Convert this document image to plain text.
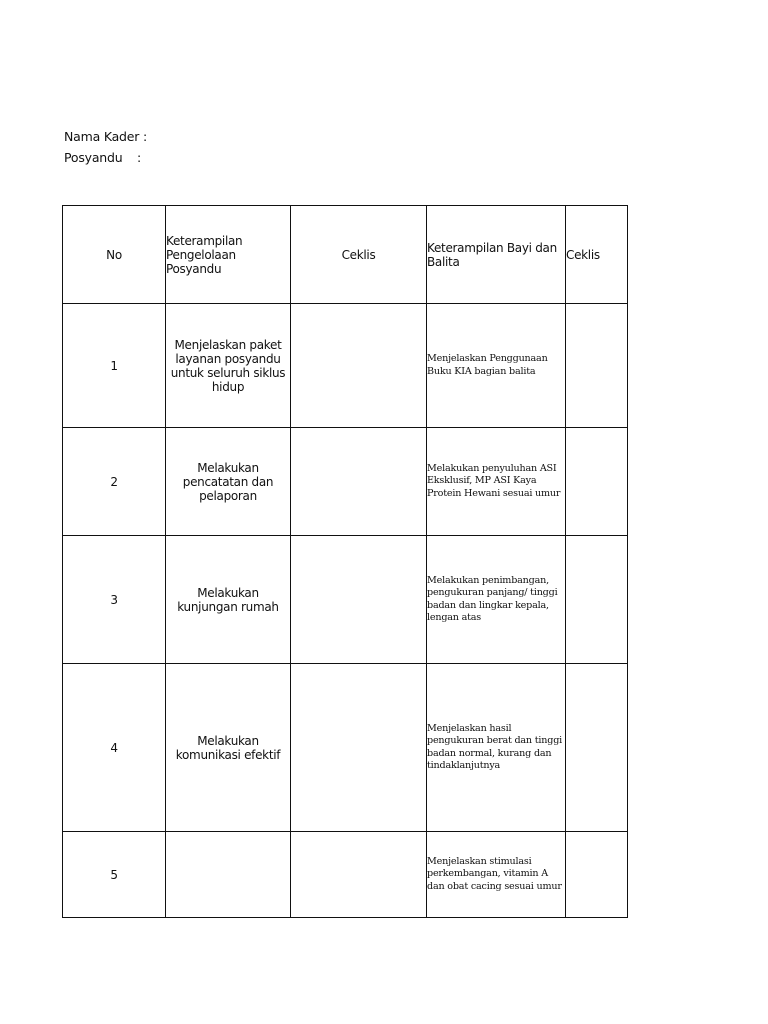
Nama Kader :
Posyandu :
No	Keterampilan Pengelolaan Posyandu	Ceklis	Keterampilan Bayi dan Balita	Ceklis
1	Menjelaskan paket layanan posyandu untuk seluruh siklus hidup		Menjelaskan Penggunaan Buku KIA bagian balita	
2	Melakukan pencatatan dan pelaporan		Melakukan penyuluhan ASI Eksklusif, MP ASI Kaya Protein Hewani sesuai umur	
3	Melakukan kunjungan rumah		Melakukan penimbangan, pengukuran panjang/ tinggi badan dan lingkar kepala, lengan atas	
4	Melakukan komunikasi efektif		Menjelaskan hasil pengukuran berat dan tinggi badan normal, kurang dan tindaklanjutnya	
5			Menjelaskan stimulasi perkembangan, vitamin A dan obat cacing sesuai umur	
